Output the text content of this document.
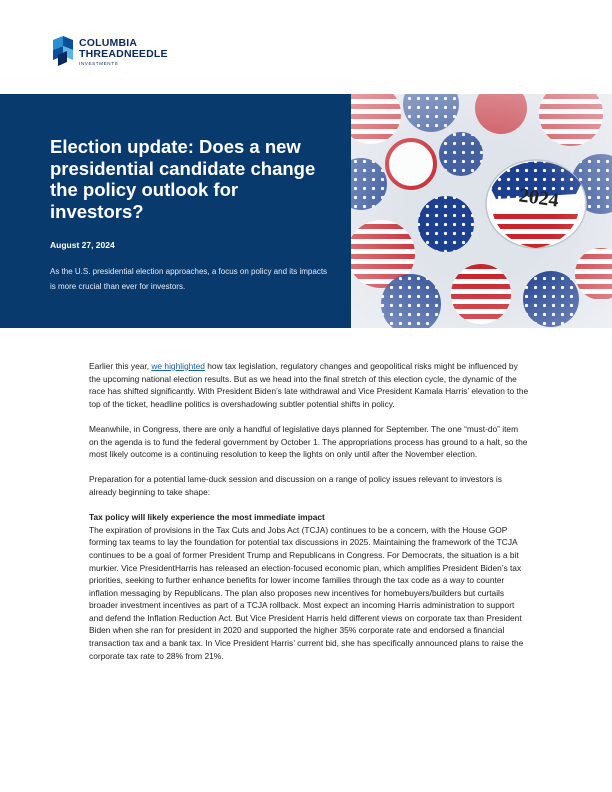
COLUMBIA
THREADNEEDLE
INVESTMENTS
Election update: Does a new presidential candidate change the policy outlook for investors?
August 27, 2024
As the U.S. presidential election approaches, a focus on policy and its impacts is more crucial than ever for investors.

Earlier this year, we highlighted how tax legislation, regulatory changes and geopolitical risks might be influenced by the upcoming national election results. But as we head into the final stretch of this election cycle, the dynamic of the race has shifted significantly. With President Biden’s late withdrawal and Vice President Kamala Harris’ elevation to the top of the ticket, headline politics is overshadowing subtler potential shifts in policy.

Meanwhile, in Congress, there are only a handful of legislative days planned for September. The one “must-do” item on the agenda is to fund the federal government by October 1. The appropriations process has ground to a halt, so the most likely outcome is a continuing resolution to keep the lights on only until after the November election.

Preparation for a potential lame-duck session and discussion on a range of policy issues relevant to investors is already beginning to take shape:

Tax policy will likely experience the most immediate impact

The expiration of provisions in the Tax Cuts and Jobs Act (TCJA) continues to be a concern, with the House GOP forming tax teams to lay the foundation for potential tax discussions in 2025. Maintaining the framework of the TCJA continues to be a goal of former President Trump and Republicans in Congress. For Democrats, the situation is a bit murkier. Vice PresidentHarris has released an election-focused economic plan, which amplifies President Biden’s tax priorities, seeking to further enhance benefits for lower income families through the tax code as a way to counter inflation messaging by Republicans. The plan also proposes new incentives for homebuyers/builders but curtails broader investment incentives as part of a TCJA rollback. Most expect an incoming Harris administration to support and defend the Inflation Reduction Act. But Vice President Harris held different views on corporate tax than President Biden when she ran for president in 2020 and supported the higher 35% corporate rate and endorsed a financial transaction tax and a bank tax. In Vice President Harris’ current bid, she has specifically announced plans to raise the corporate tax rate to 28% from 21%.
